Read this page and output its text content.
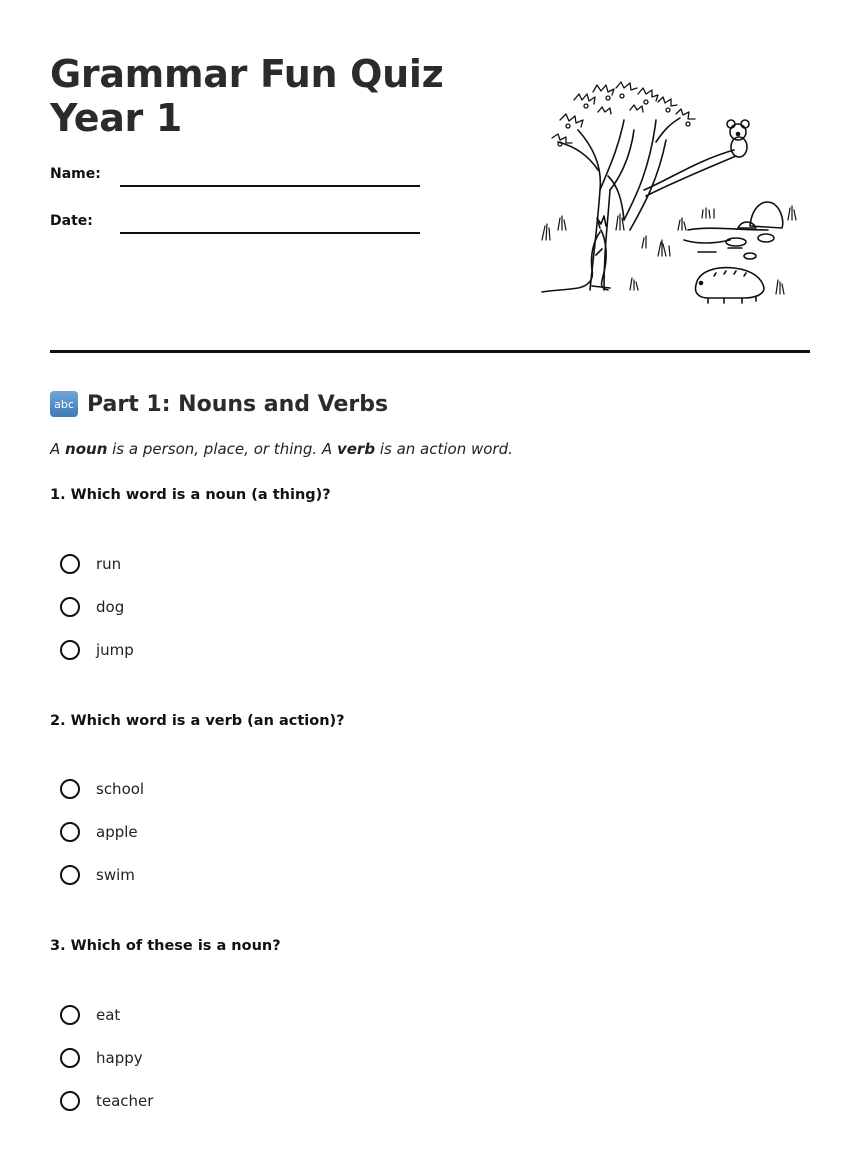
Grammar Fun Quiz Year 1
Name:
Date:
abc Part 1: Nouns and Verbs

A noun is a person, place, or thing. A verb is an action word.

1. Which word is a noun (a thing)?

run
dog
jump

2. Which word is a verb (an action)?

school
apple
swim

3. Which of these is a noun?

eat
happy
teacher
